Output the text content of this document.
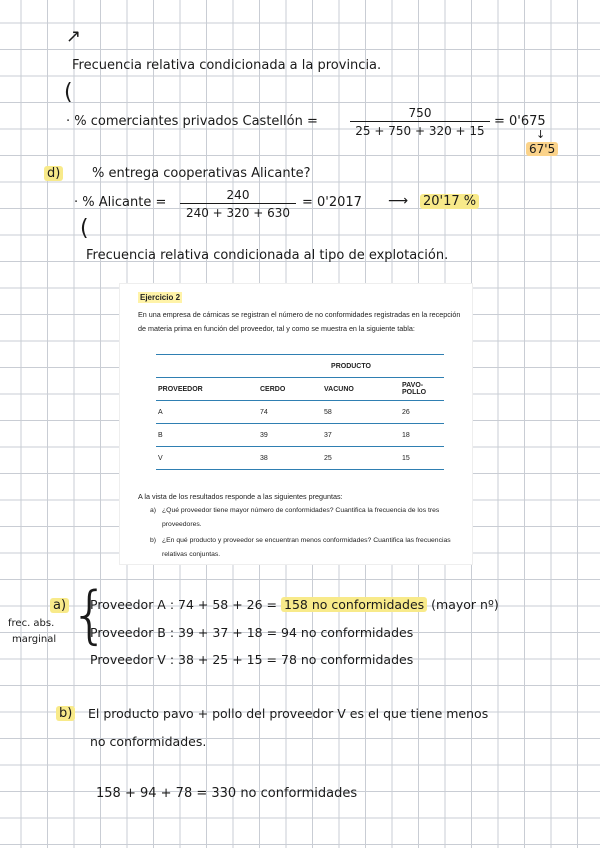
↗
Frecuencia relativa condicionada a la provincia.
(
· % comerciantes privados Castellón =
750
25 + 750 + 320 + 15
= 0'675
↓
67'5
d) % entrega cooperativas Alicante?
· % Alicante =	240
240 + 320 + 630
= 0'2017 ⟶ 20'17 %
(
Frecuencia relativa condicionada al tipo de explotación.
Ejercicio 2
En una empresa de cárnicas se registran el número de no conformidades registradas en la recepción de materia prima en función del proveedor, tal y como se muestra en la siguiente tabla:
	PRODUCTO		
PROVEEDOR	CERDO	VACUNO	PAVO-POLLO
A	74	58	26
B	39	37	18
V	38	25	15
A la vista de los resultados responde a las siguientes preguntas:
a) ¿Qué proveedor tiene mayor número de conformidades? Cuantifica la frecuencia de los tres proveedores.
b) ¿En qué producto y proveedor se encuentran menos conformidades? Cuantifica las frecuencias relativas conjuntas.
a)
frec. abs.
marginal {
Proveedor A : 74 + 58 + 26 = 158 no conformidades (mayor nº)
Proveedor B : 39 + 37 + 18 = 94 no conformidades
Proveedor V : 38 + 25 + 15 = 78 no conformidades
b) El producto pavo + pollo del proveedor V es el que tiene menos
no conformidades.
158 + 94 + 78 = 330 no conformidades
